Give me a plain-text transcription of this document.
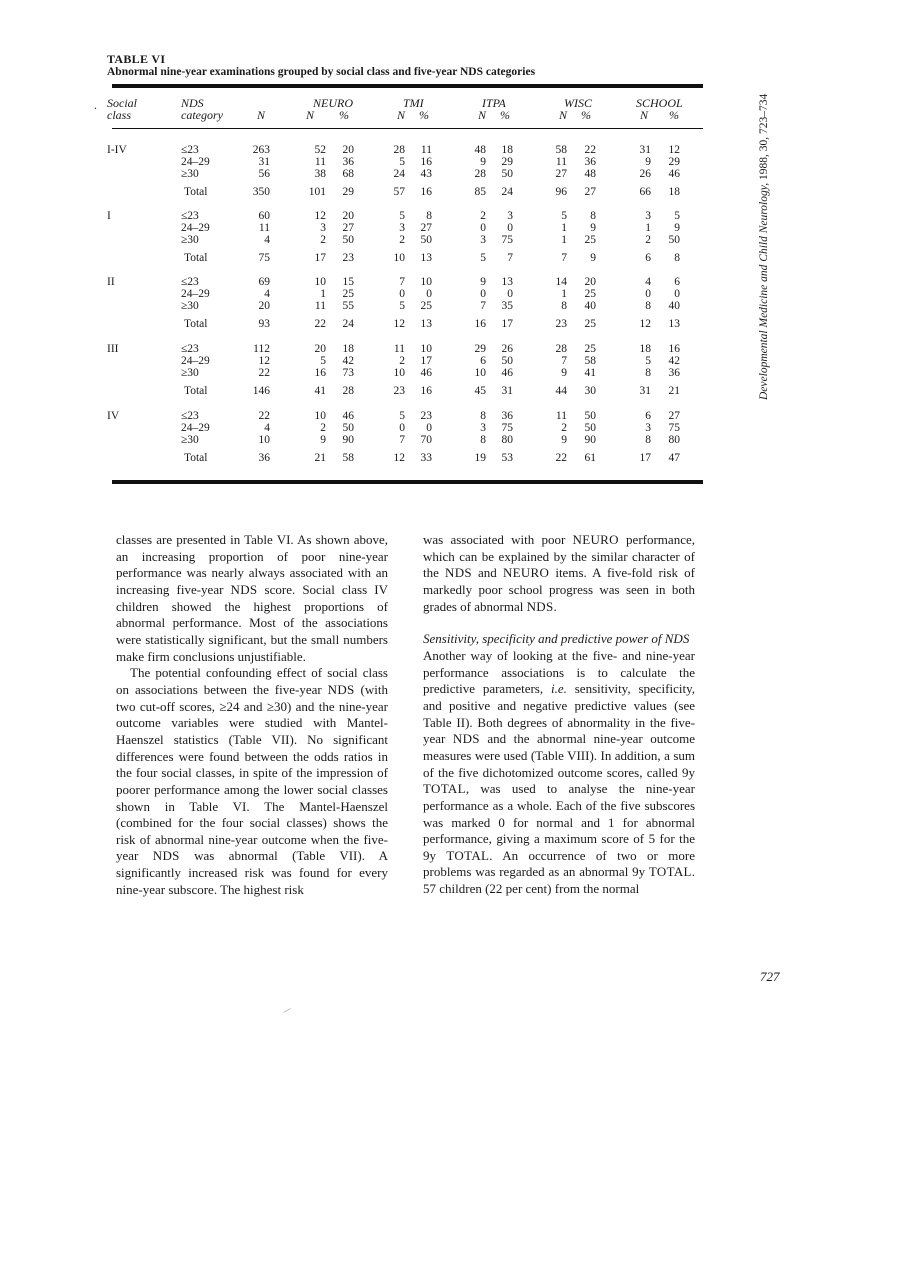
TABLE VI
Abnormal nine-year examinations grouped by social class and five-year NDS categories
. Social	NDS	NEURO	TMI	ITPA	WISC	SCHOOL
class	category	N	N %	N %	N %	N %	N %
I-IV	≤23	263	52	20	28	11	48	18	58	22	31	12
24–29	31	11	36	5	16	9	29	11	36	9	29
≥30	56	38	68	24	43	28	50	27	48	26	46
Total	350	101	29	57	16	85	24	96	27	66	18
I	≤23	60	12	20	5	8	2	3	5	8	3	5
24–29	11	3	27	3	27	0	0	1	9	1	9
≥30	4	2	50	2	50	3	75	1	25	2	50
Total	75	17	23	10	13	5	7	7	9	6	8
II	≤23	69	10	15	7	10	9	13	14	20	4	6
24–29	4	1	25	0	0	0	0	1	25	0	0
≥30	20	11	55	5	25	7	35	8	40	8	40
Total	93	22	24	12	13	16	17	23	25	12	13
III	≤23	112	20	18	11	10	29	26	28	25	18	16
24–29	12	5	42	2	17	6	50	7	58	5	42
≥30	22	16	73	10	46	10	46	9	41	8	36
Total	146	41	28	23	16	45	31	44	30	31	21
IV	≤23	22	10	46	5	23	8	36	11	50	6	27
24–29	4	2	50	0	0	3	75	2	50	3	75
≥30	10	9	90	7	70	8	80	9	90	8	80
Total	36	21	58	12	33	19	53	22	61	17	47
Developmental Medicine and Child Neurology, 1988, 30, 723–734

classes are presented in Table VI. As shown above, an increasing proportion of poor nine-year performance was nearly always associated with an increasing five-year NDS score. Social class IV children showed the highest proportions of abnormal performance. Most of the associations were statistically significant, but the small numbers make firm conclusions unjustifiable.

The potential confounding effect of social class on associations between the five-year NDS (with two cut-off scores, ≥24 and ≥30) and the nine-year outcome variables were studied with Mantel-Haenszel statistics (Table VII). No significant differences were found between the odds ratios in the four social classes, in spite of the impression of poorer performance among the lower social classes shown in Table VI. The Mantel-Haenszel (combined for the four social classes) shows the risk of abnormal nine-year outcome when the five-year NDS was abnormal (Table VII). A significantly increased risk was found for every nine-year subscore. The highest risk

was associated with poor NEURO performance, which can be explained by the similar character of the NDS and NEURO items. A five-fold risk of markedly poor school progress was seen in both grades of abnormal NDS.

Sensitivity, specificity and predictive power of NDS

Another way of looking at the five- and nine-year performance associations is to calculate the predictive parameters, i.e. sensitivity, specificity, and positive and negative predictive values (see Table II). Both degrees of abnormality in the five-year NDS and the abnormal nine-year outcome measures were used (Table VIII). In addition, a sum of the five dichotomized outcome scores, called 9y TOTAL, was used to analyse the nine-year performance as a whole. Each of the five subscores was marked 0 for normal and 1 for abnormal performance, giving a maximum score of 5 for the 9y TOTAL. An occurrence of two or more problems was regarded as an abnormal 9y TOTAL. 57 children (22 per cent) from the normal

727
